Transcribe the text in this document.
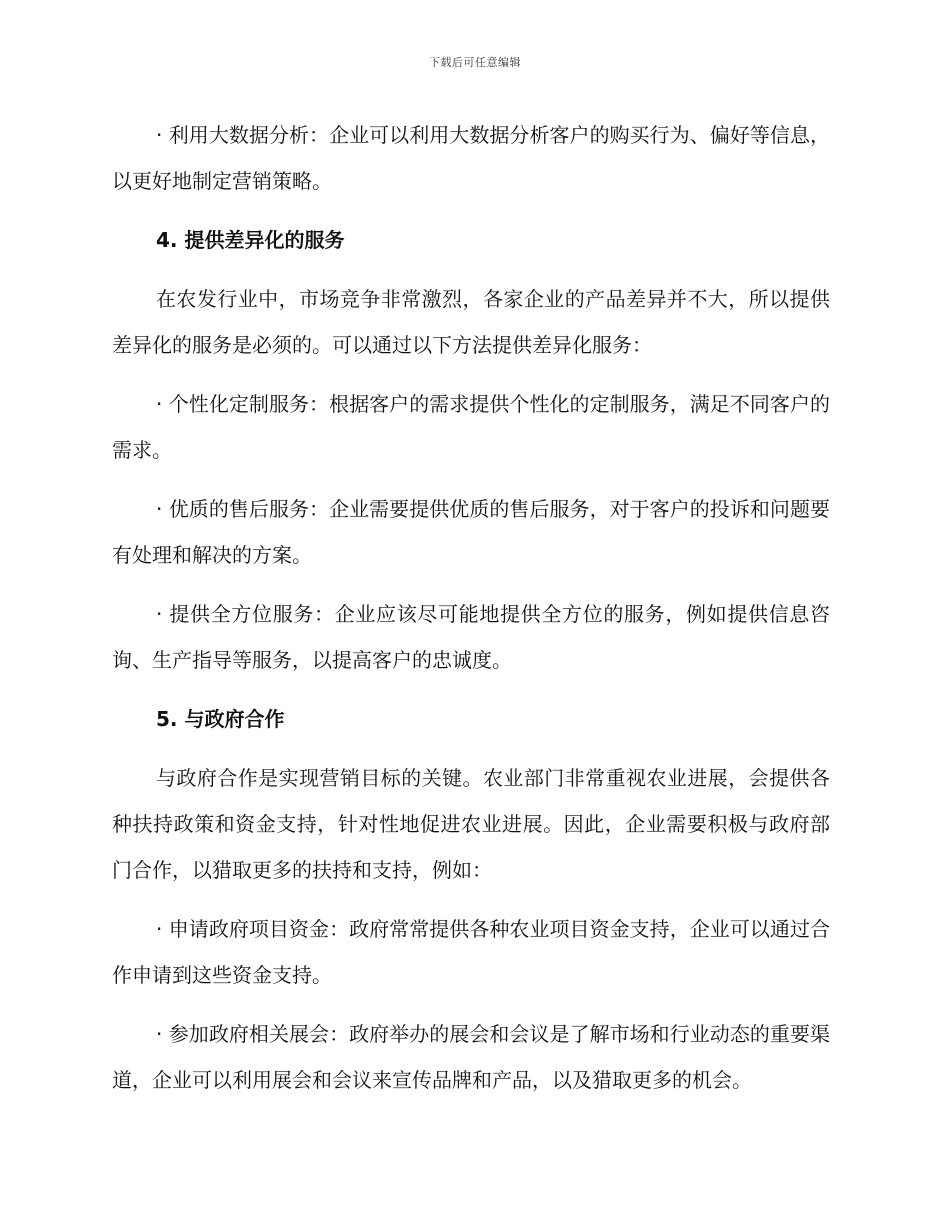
下载后可任意编辑

· 利用大数据分析：企业可以利用大数据分析客户的购买行为、偏好等信息，以更好地制定营销策略。

4. 提供差异化的服务

在农发行业中，市场竞争非常激烈，各家企业的产品差异并不大，所以提供差异化的服务是必须的。可以通过以下方法提供差异化服务：

· 个性化定制服务：根据客户的需求提供个性化的定制服务，满足不同客户的需求。

· 优质的售后服务：企业需要提供优质的售后服务，对于客户的投诉和问题要有处理和解决的方案。

· 提供全方位服务：企业应该尽可能地提供全方位的服务，例如提供信息咨询、生产指导等服务，以提高客户的忠诚度。

5. 与政府合作

与政府合作是实现营销目标的关键。农业部门非常重视农业进展，会提供各种扶持政策和资金支持，针对性地促进农业进展。因此，企业需要积极与政府部门合作，以猎取更多的扶持和支持，例如：

· 申请政府项目资金：政府常常提供各种农业项目资金支持，企业可以通过合作申请到这些资金支持。

· 参加政府相关展会：政府举办的展会和会议是了解市场和行业动态的重要渠道，企业可以利用展会和会议来宣传品牌和产品，以及猎取更多的机会。
